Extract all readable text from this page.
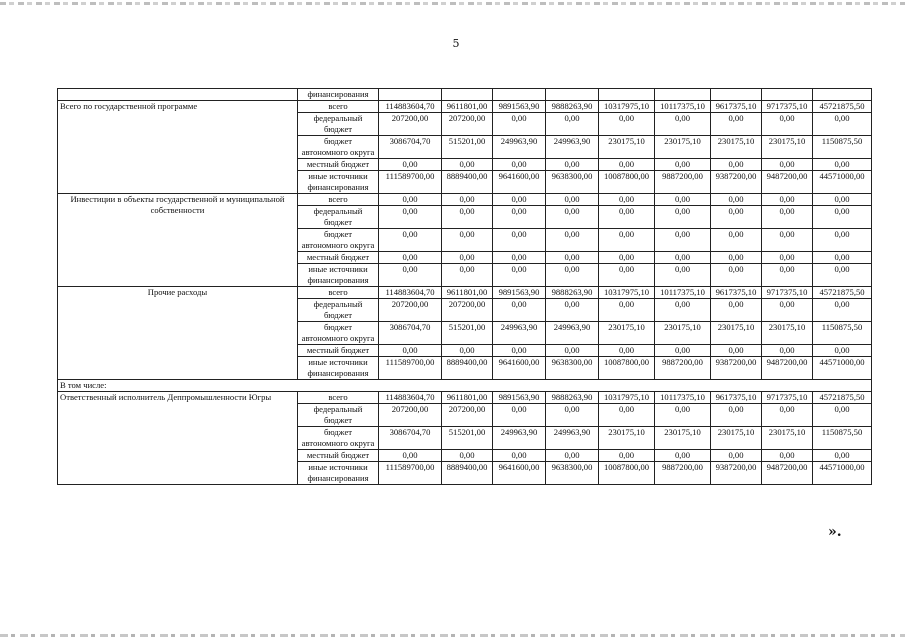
5
	финансирования									
Всего по государственной программе	всего	114883604,70	9611801,00	9891563,90	9888263,90	10317975,10	10117375,10	9617375,10	9717375,10	45721875,50
	федеральный бюджет	207200,00	207200,00	0,00	0,00	0,00	0,00	0,00	0,00	0,00
	бюджет автономного округа	3086704,70	515201,00	249963,90	249963,90	230175,10	230175,10	230175,10	230175,10	1150875,50
	местный бюджет	0,00	0,00	0,00	0,00	0,00	0,00	0,00	0,00	0,00
	иные источники финансирования	111589700,00	8889400,00	9641600,00	9638300,00	10087800,00	9887200,00	9387200,00	9487200,00	44571000,00
Инвестиции в объекты государственной и муниципальной собственности	всего	0,00	0,00	0,00	0,00	0,00	0,00	0,00	0,00	0,00
	федеральный бюджет	0,00	0,00	0,00	0,00	0,00	0,00	0,00	0,00	0,00
	бюджет автономного округа	0,00	0,00	0,00	0,00	0,00	0,00	0,00	0,00	0,00
	местный бюджет	0,00	0,00	0,00	0,00	0,00	0,00	0,00	0,00	0,00
	иные источники финансирования	0,00	0,00	0,00	0,00	0,00	0,00	0,00	0,00	0,00
Прочие расходы	всего	114883604,70	9611801,00	9891563,90	9888263,90	10317975,10	10117375,10	9617375,10	9717375,10	45721875,50
	федеральный бюджет	207200,00	207200,00	0,00	0,00	0,00	0,00	0,00	0,00	0,00
	бюджет автономного округа	3086704,70	515201,00	249963,90	249963,90	230175,10	230175,10	230175,10	230175,10	1150875,50
	местный бюджет	0,00	0,00	0,00	0,00	0,00	0,00	0,00	0,00	0,00
	иные источники финансирования	111589700,00	8889400,00	9641600,00	9638300,00	10087800,00	9887200,00	9387200,00	9487200,00	44571000,00
В том числе:										
Ответственный исполнитель Деппромышленности Югры	всего	114883604,70	9611801,00	9891563,90	9888263,90	10317975,10	10117375,10	9617375,10	9717375,10	45721875,50
	федеральный бюджет	207200,00	207200,00	0,00	0,00	0,00	0,00	0,00	0,00	0,00
	бюджет автономного округа	3086704,70	515201,00	249963,90	249963,90	230175,10	230175,10	230175,10	230175,10	1150875,50
	местный бюджет	0,00	0,00	0,00	0,00	0,00	0,00	0,00	0,00	0,00
	иные источники финансирования	111589700,00	8889400,00	9641600,00	9638300,00	10087800,00	9887200,00	9387200,00	9487200,00	44571000,00
».
